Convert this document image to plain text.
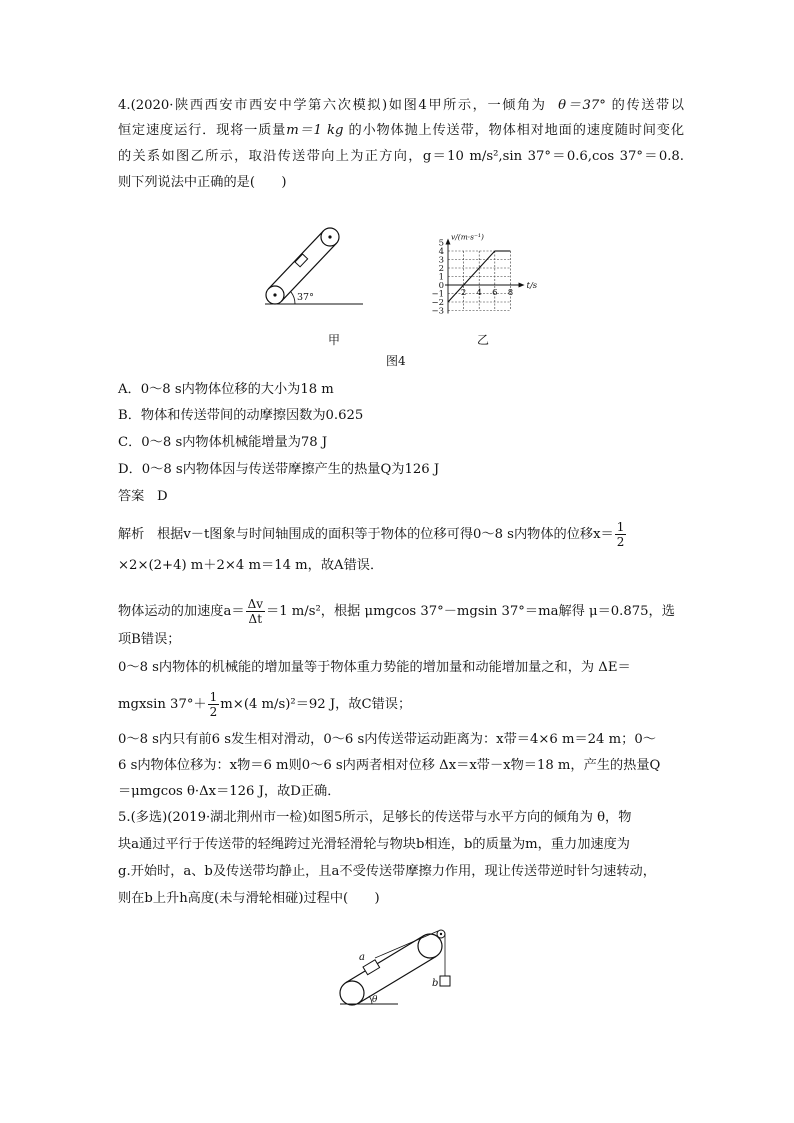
4.(2020·陕西西安市西安中学第六次模拟)如图4甲所示，一倾角为 θ＝37° 的传送带以
恒定速度运行．现将一质量m＝1 kg 的小物体抛上传送带，物体相对地面的速度随时间变化
的关系如图乙所示，取沿传送带向上为正方向，g＝10 m/s²,sin 37°＝0.6,cos 37°＝0.8.
则下列说法中正确的是(　　)
37°
甲
5
4
3
2
1
0
−1
−2
−3
2 4 6 8
v/(m·s⁻¹)
t/s
乙
图4
A．0～8 s内物体位移的大小为18 m
B．物体和传送带间的动摩擦因数为0.625
C．0～8 s内物体机械能增量为78 J
D．0～8 s内物体因与传送带摩擦产生的热量Q为126 J
答案 D
解析 根据v－t图象与时间轴围成的面积等于物体的位移可得0～8 s内物体的位移$x= \frac{1}{2}$
×2×(2+4) m＋2×4 m＝14 m，故A错误．
物体运动的加速度$a= \frac{\Delta v}{\Delta t} =1$ m/s²，根据 μmgcos 37°－mgsin 37°＝ma解得 μ＝0.875，选
项B错误；
0～8 s内物体的机械能的增加量等于物体重力势能的增加量和动能增加量之和，为 ΔE＝
mgxsin $37^\circ+ \frac{1}{2} m\times(4$ m/s)²＝92 J，故C错误；
0～8 s内只有前6 s发生相对滑动，0～6 s内传送带运动距离为：x带＝4×6 m＝24 m；0～
6 s内物体位移为：x物＝6 m则0～6 s内两者相对位移 Δx＝x带－x物＝18 m，产生的热量Q
＝μmgcos θ·Δx＝126 J，故D正确．
5.(多选)(2019·湖北荆州市一检)如图5所示，足够长的传送带与水平方向的倾角为 θ，物
块a通过平行于传送带的轻绳跨过光滑轻滑轮与物块b相连，b的质量为m，重力加速度为
g.开始时，a、b及传送带均静止，且a不受传送带摩擦力作用，现让传送带逆时针匀速转动，
则在b上升h高度(未与滑轮相碰)过程中(　　)
a
b
θ
